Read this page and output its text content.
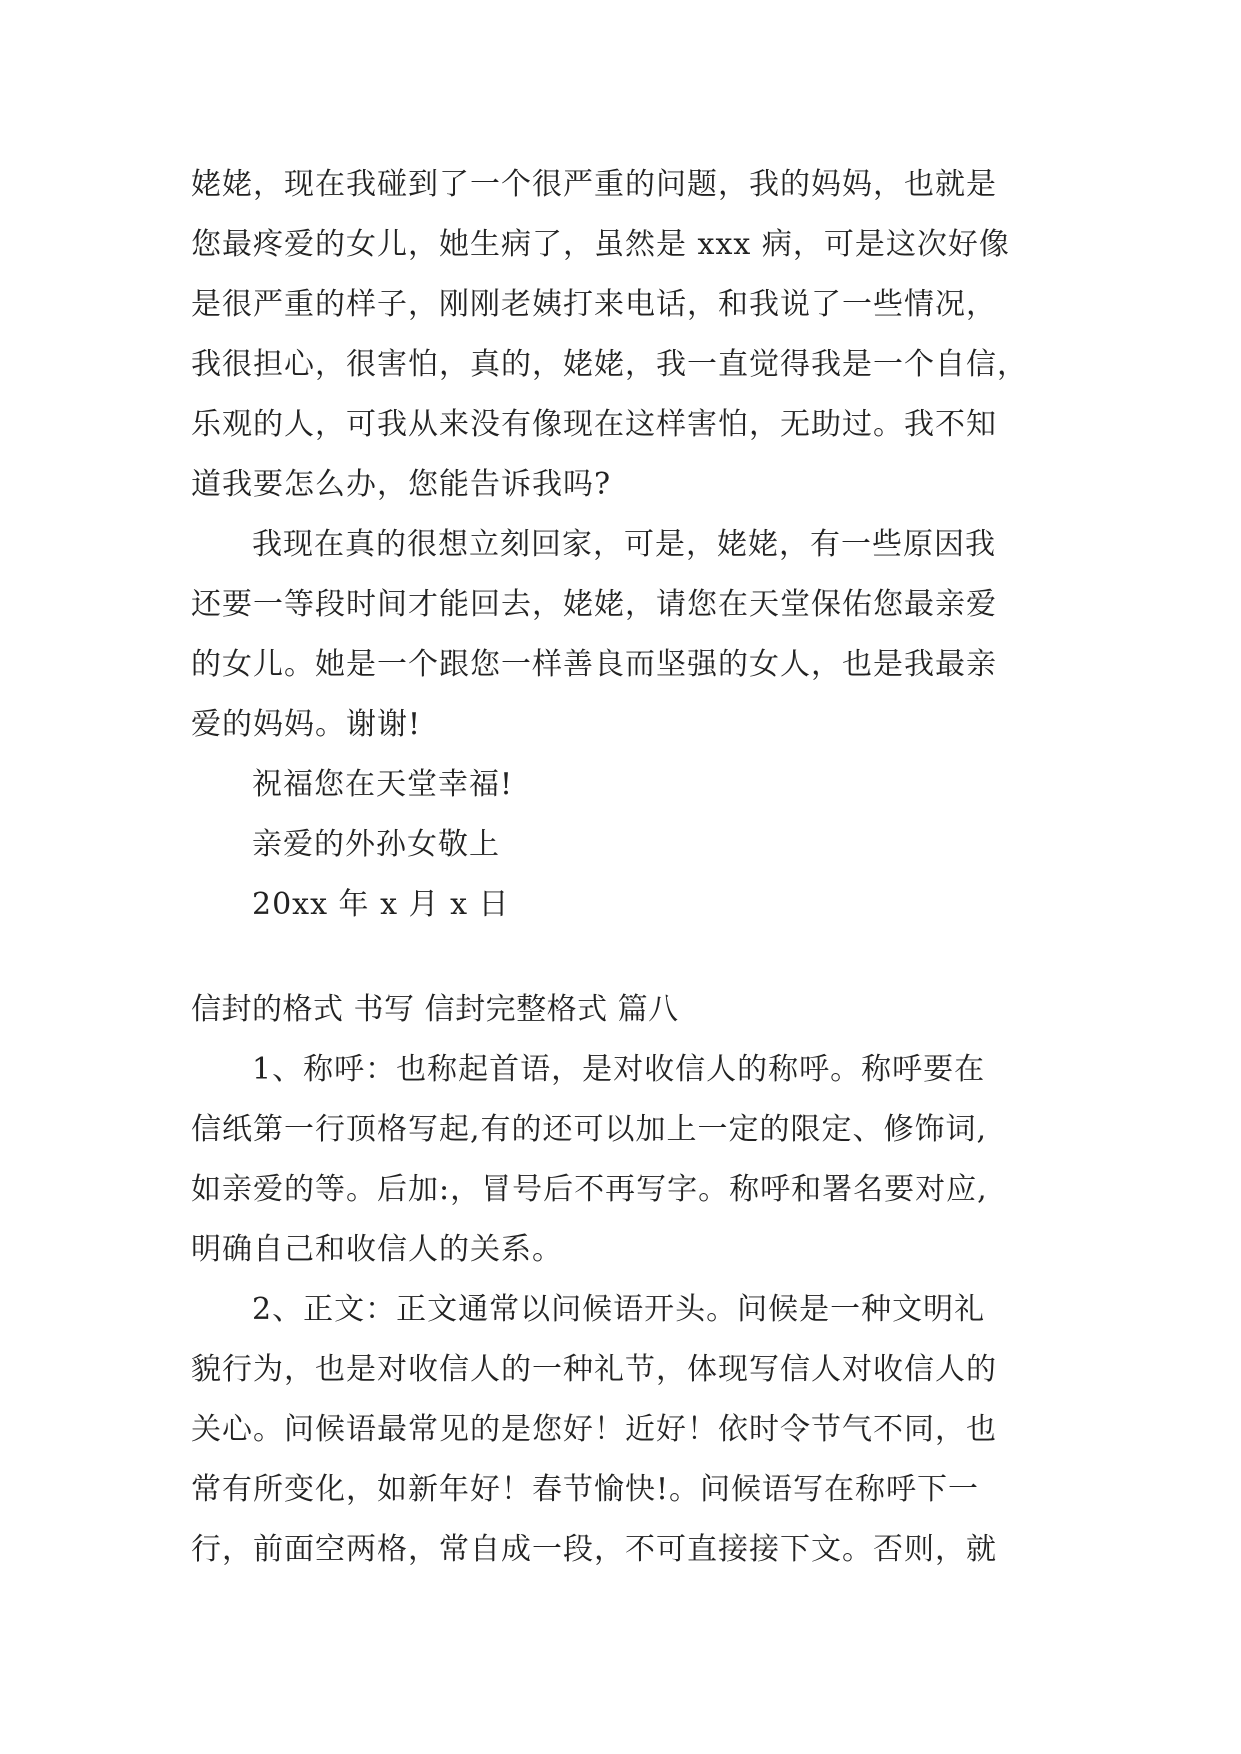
姥姥，现在我碰到了一个很严重的问题，我的妈妈，也就是
您最疼爱的女儿，她生病了，虽然是 xxx 病，可是这次好像
是很严重的样子，刚刚老姨打来电话，和我说了一些情况，
我很担心，很害怕，真的，姥姥，我一直觉得我是一个自信，
乐观的人，可我从来没有像现在这样害怕，无助过。我不知
道我要怎么办，您能告诉我吗?
我现在真的很想立刻回家，可是，姥姥，有一些原因我
还要一等段时间才能回去，姥姥，请您在天堂保佑您最亲爱
的女儿。她是一个跟您一样善良而坚强的女人，也是我最亲
爱的妈妈。谢谢!
祝福您在天堂幸福!
亲爱的外孙女敬上
20xx 年 x 月 x 日
信封的格式 书写 信封完整格式 篇八
1、称呼：也称起首语，是对收信人的称呼。称呼要在
信纸第一行顶格写起,有的还可以加上一定的限定、修饰词,
如亲爱的等。后加:，冒号后不再写字。称呼和署名要对应,
明确自己和收信人的关系。
2、正文：正文通常以问候语开头。问候是一种文明礼
貌行为，也是对收信人的一种礼节，体现写信人对收信人的
关心。问候语最常见的是您好！近好！依时令节气不同，也
常有所变化，如新年好！春节愉快!。问候语写在称呼下一
行，前面空两格，常自成一段，不可直接接下文。否则，就
